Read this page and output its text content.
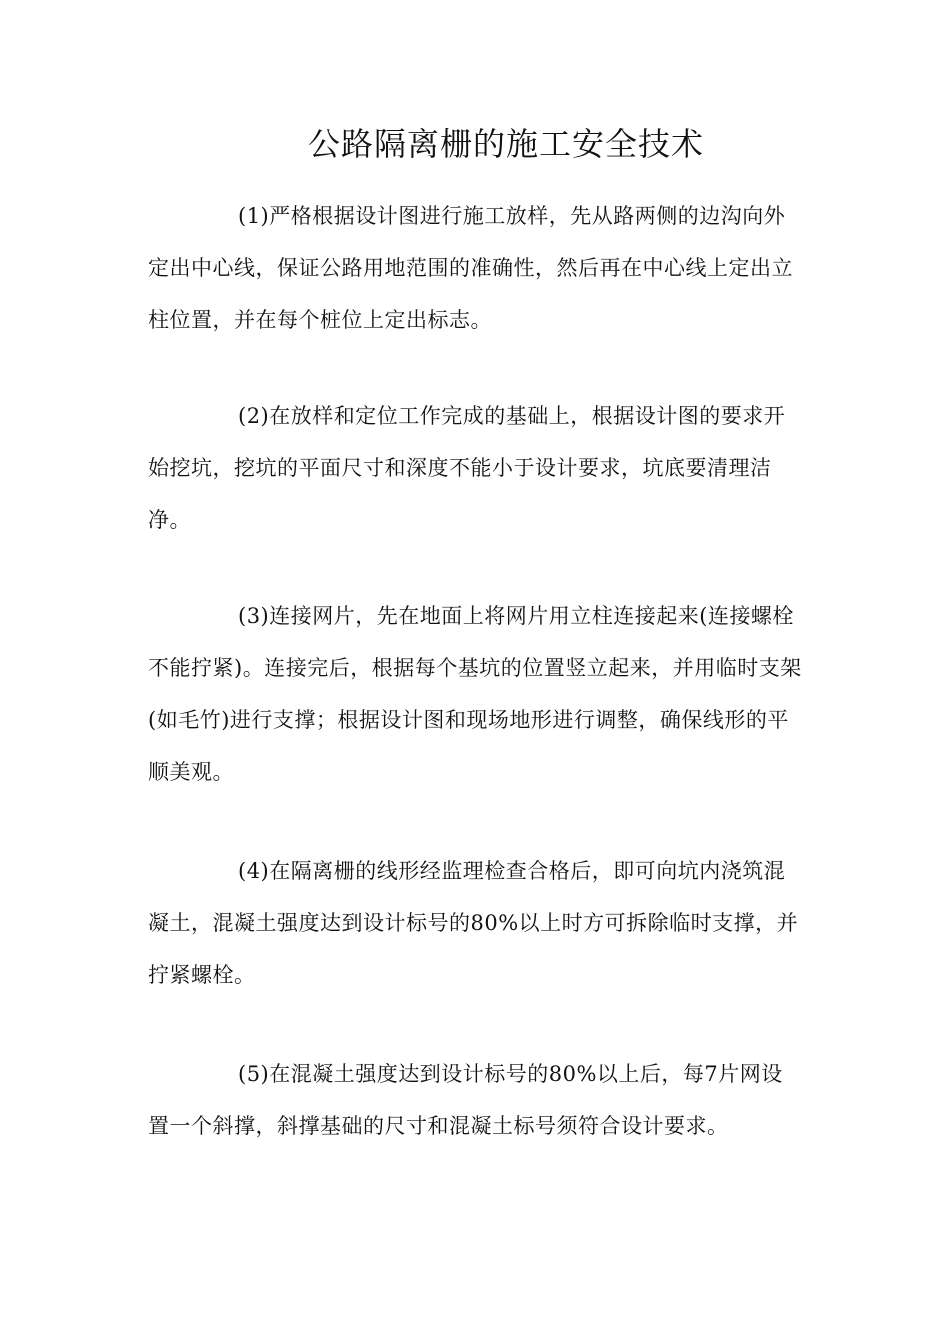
公路隔离栅的施工安全技术

(1)严格根据设计图进行施工放样，先从路两侧的边沟向外定出中心线，保证公路用地范围的准确性，然后再在中心线上定出立柱位置，并在每个桩位上定出标志。

(2)在放样和定位工作完成的基础上，根据设计图的要求开始挖坑，挖坑的平面尺寸和深度不能小于设计要求，坑底要清理洁净。

(3)连接网片，先在地面上将网片用立柱连接起来(连接螺栓不能拧紧)。连接完后，根据每个基坑的位置竖立起来，并用临时支架(如毛竹)进行支撑；根据设计图和现场地形进行调整，确保线形的平顺美观。

(4)在隔离栅的线形经监理检查合格后，即可向坑内浇筑混凝土，混凝土强度达到设计标号的80%以上时方可拆除临时支撑，并拧紧螺栓。

(5)在混凝土强度达到设计标号的80%以上后，每7片网设置一个斜撑，斜撑基础的尺寸和混凝土标号须符合设计要求。
